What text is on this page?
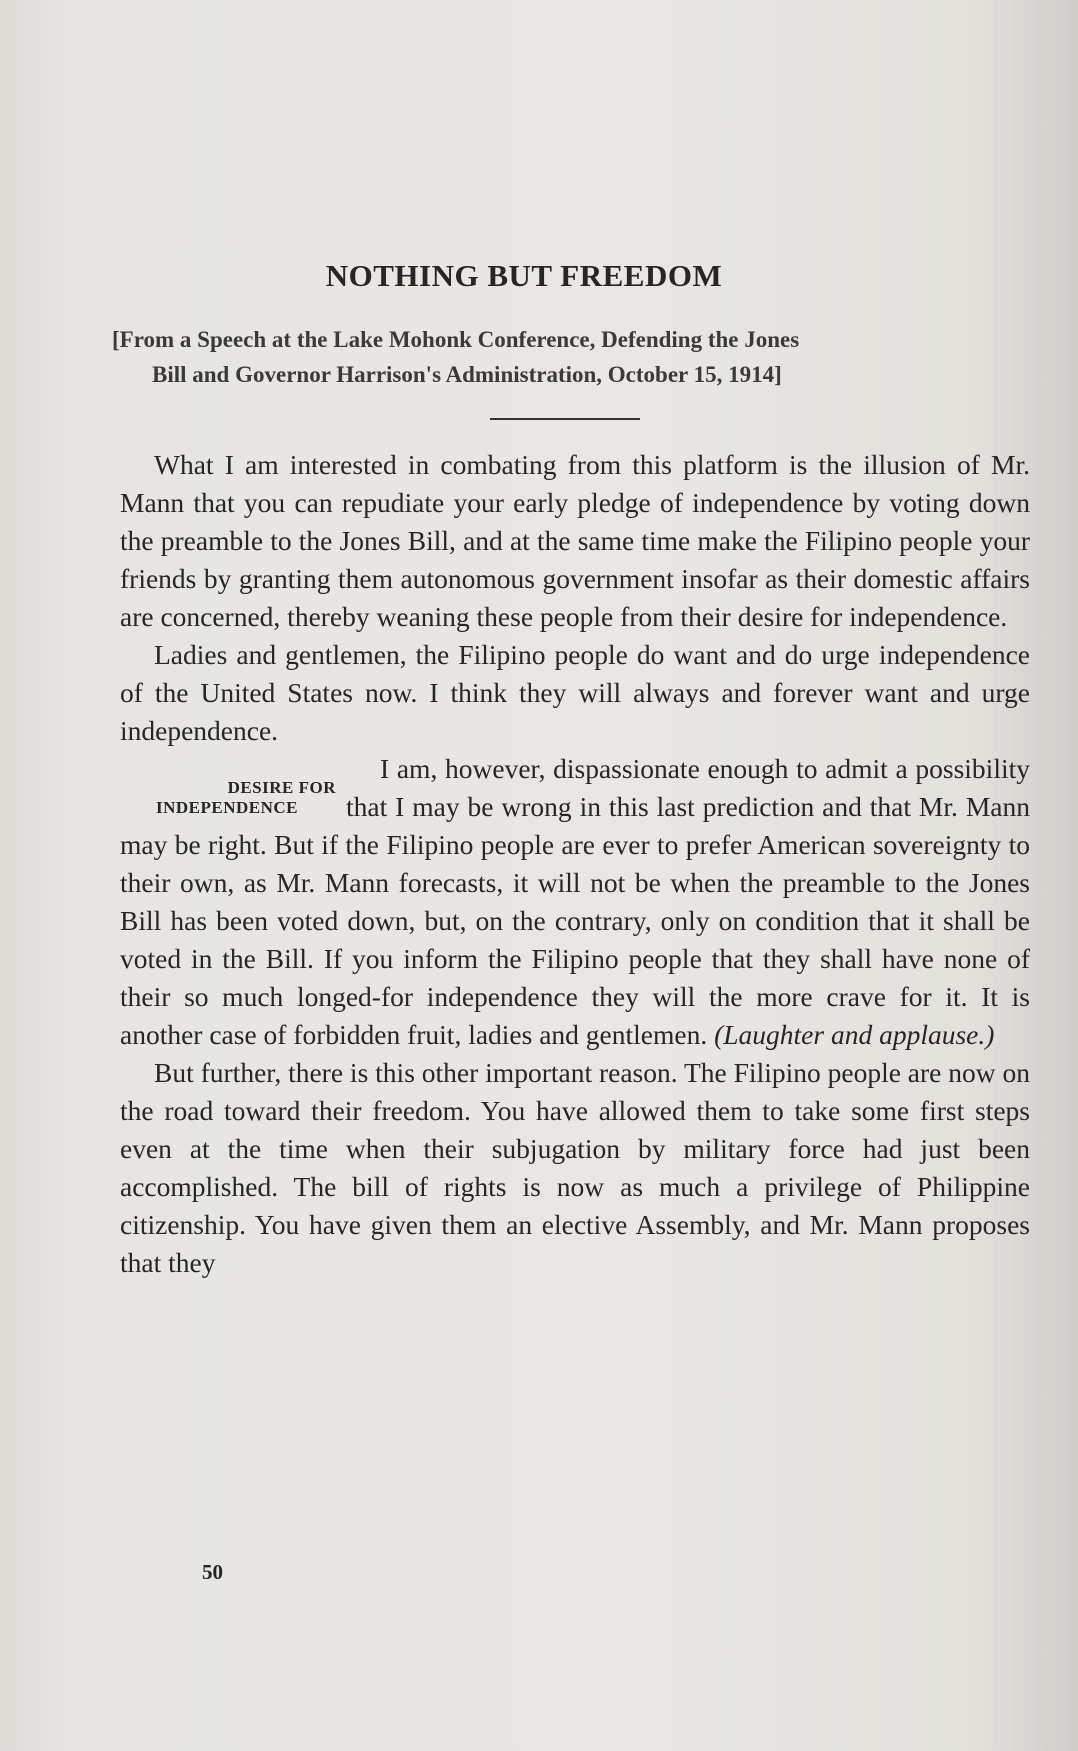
NOTHING BUT FREEDOM
[From a Speech at the Lake Mohonk Conference, Defending the Jones
Bill and Governor Harrison's Administration, October 15, 1914]

What I am interested in combating from this platform is the illusion of Mr. Mann that you can repudiate your early pledge of independence by voting down the preamble to the Jones Bill, and at the same time make the Filipino people your friends by granting them autonomous government insofar as their domestic affairs are concerned, thereby weaning these people from their desire for independence.

Ladies and gentlemen, the Filipino people do want and do urge independence of the United States now. I think they will always and forever want and urge independence.

DESIRE FOR
INDEPENDENCE
I am, however, dispassionate enough to admit a possibility that I may be wrong in this last prediction and that Mr. Mann may be right. But if the Filipino people are ever to prefer American sovereignty to their own, as Mr. Mann forecasts, it will not be when the preamble to the Jones Bill has been voted down, but, on the contrary, only on condition that it shall be voted in the Bill. If you inform the Filipino people that they shall have none of their so much longed-for independence they will the more crave for it. It is another case of forbidden fruit, ladies and gentlemen. (Laughter and applause.)

But further, there is this other important reason. The Filipino people are now on the road toward their freedom. You have allowed them to take some first steps even at the time when their subjugation by military force had just been accomplished. The bill of rights is now as much a privilege of Philippine citizenship. You have given them an elective Assembly, and Mr. Mann proposes that they

50
